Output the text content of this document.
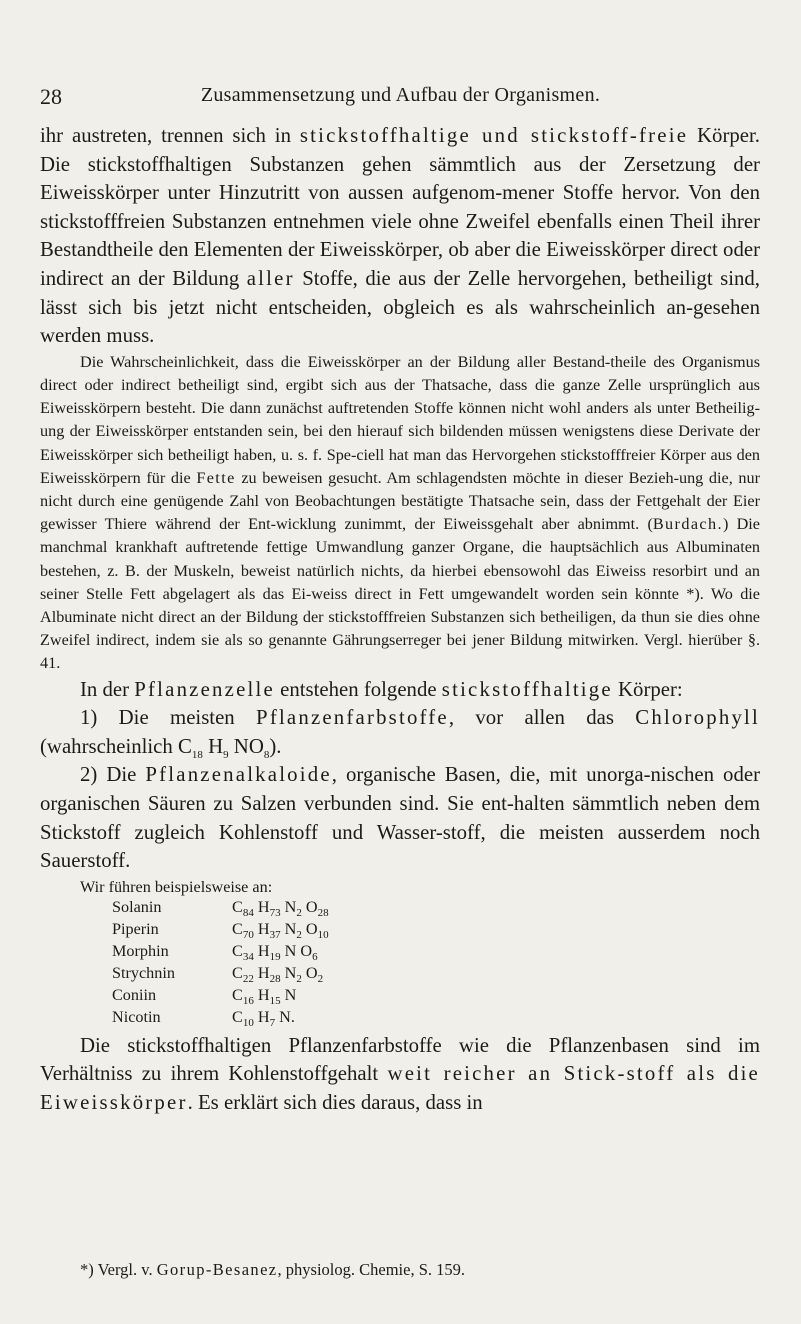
28	Zusammensetzung und Aufbau der Organismen.

ihr austreten, trennen sich in stickstoffhaltige und stickstoff-freie Körper. Die stickstoffhaltigen Substanzen gehen sämmtlich aus der Zersetzung der Eiweisskörper unter Hinzutritt von aussen aufgenom-mener Stoffe hervor. Von den stickstofffreien Substanzen entnehmen viele ohne Zweifel ebenfalls einen Theil ihrer Bestandtheile den Elementen der Eiweisskörper, ob aber die Eiweisskörper direct oder indirect an der Bildung aller Stoffe, die aus der Zelle hervorgehen, betheiligt sind, lässt sich bis jetzt nicht entscheiden, obgleich es als wahrscheinlich an-gesehen werden muss.

Die Wahrscheinlichkeit, dass die Eiweisskörper an der Bildung aller Bestand-theile des Organismus direct oder indirect betheiligt sind, ergibt sich aus der Thatsache, dass die ganze Zelle ursprünglich aus Eiweisskörpern besteht. Die dann zunächst auftretenden Stoffe können nicht wohl anders als unter Betheilig-ung der Eiweisskörper entstanden sein, bei den hierauf sich bildenden müssen wenigstens diese Derivate der Eiweisskörper sich betheiligt haben, u. s. f. Spe-ciell hat man das Hervorgehen stickstofffreier Körper aus den Eiweisskörpern für die Fette zu beweisen gesucht. Am schlagendsten möchte in dieser Bezieh-ung die, nur nicht durch eine genügende Zahl von Beobachtungen bestätigte Thatsache sein, dass der Fettgehalt der Eier gewisser Thiere während der Ent-wicklung zunimmt, der Eiweissgehalt aber abnimmt. (Burdach.) Die manchmal krankhaft auftretende fettige Umwandlung ganzer Organe, die hauptsächlich aus Albuminaten bestehen, z. B. der Muskeln, beweist natürlich nichts, da hierbei ebensowohl das Eiweiss resorbirt und an seiner Stelle Fett abgelagert als das Ei-weiss direct in Fett umgewandelt worden sein könnte *). Wo die Albuminate nicht direct an der Bildung der stickstofffreien Substanzen sich betheiligen, da thun sie dies ohne Zweifel indirect, indem sie als so genannte Gährungserreger bei jener Bildung mitwirken. Vergl. hierüber §. 41.

In der Pflanzenzelle entstehen folgende stickstoffhaltige Körper:

1) Die meisten Pflanzenfarbstoffe, vor allen das Chlorophyll (wahrscheinlich $C_{18}$ $H_9$ $NO_8$).

2) Die Pflanzenalkaloide, organische Basen, die, mit unorga-nischen oder organischen Säuren zu Salzen verbunden sind. Sie ent-halten sämmtlich neben dem Stickstoff zugleich Kohlenstoff und Wasser-stoff, die meisten ausserdem noch Sauerstoff.

Wir führen beispielsweise an:
Solanin	$C_{84}$ $H_{73}$ $N_2$ $O_{28}$
Piperin	$C_{70}$ $H_{37}$ $N_2$ $O_{10}$
Morphin	$C_{34}$ $H_{19}$ N $O_6$
Strychnin	$C_{22}$ $H_{28}$ $N_2$ $O_2$
Coniin	$C_{16}$ $H_{15}$ N
Nicotin	$C_{10}$ $H_7$ N.

Die stickstoffhaltigen Pflanzenfarbstoffe wie die Pflanzenbasen sind im Verhältniss zu ihrem Kohlenstoffgehalt weit reicher an Stick-stoff als die Eiweisskörper. Es erklärt sich dies daraus, dass in

*) Vergl. v. Gorup-Besanez, physiolog. Chemie, S. 159.
